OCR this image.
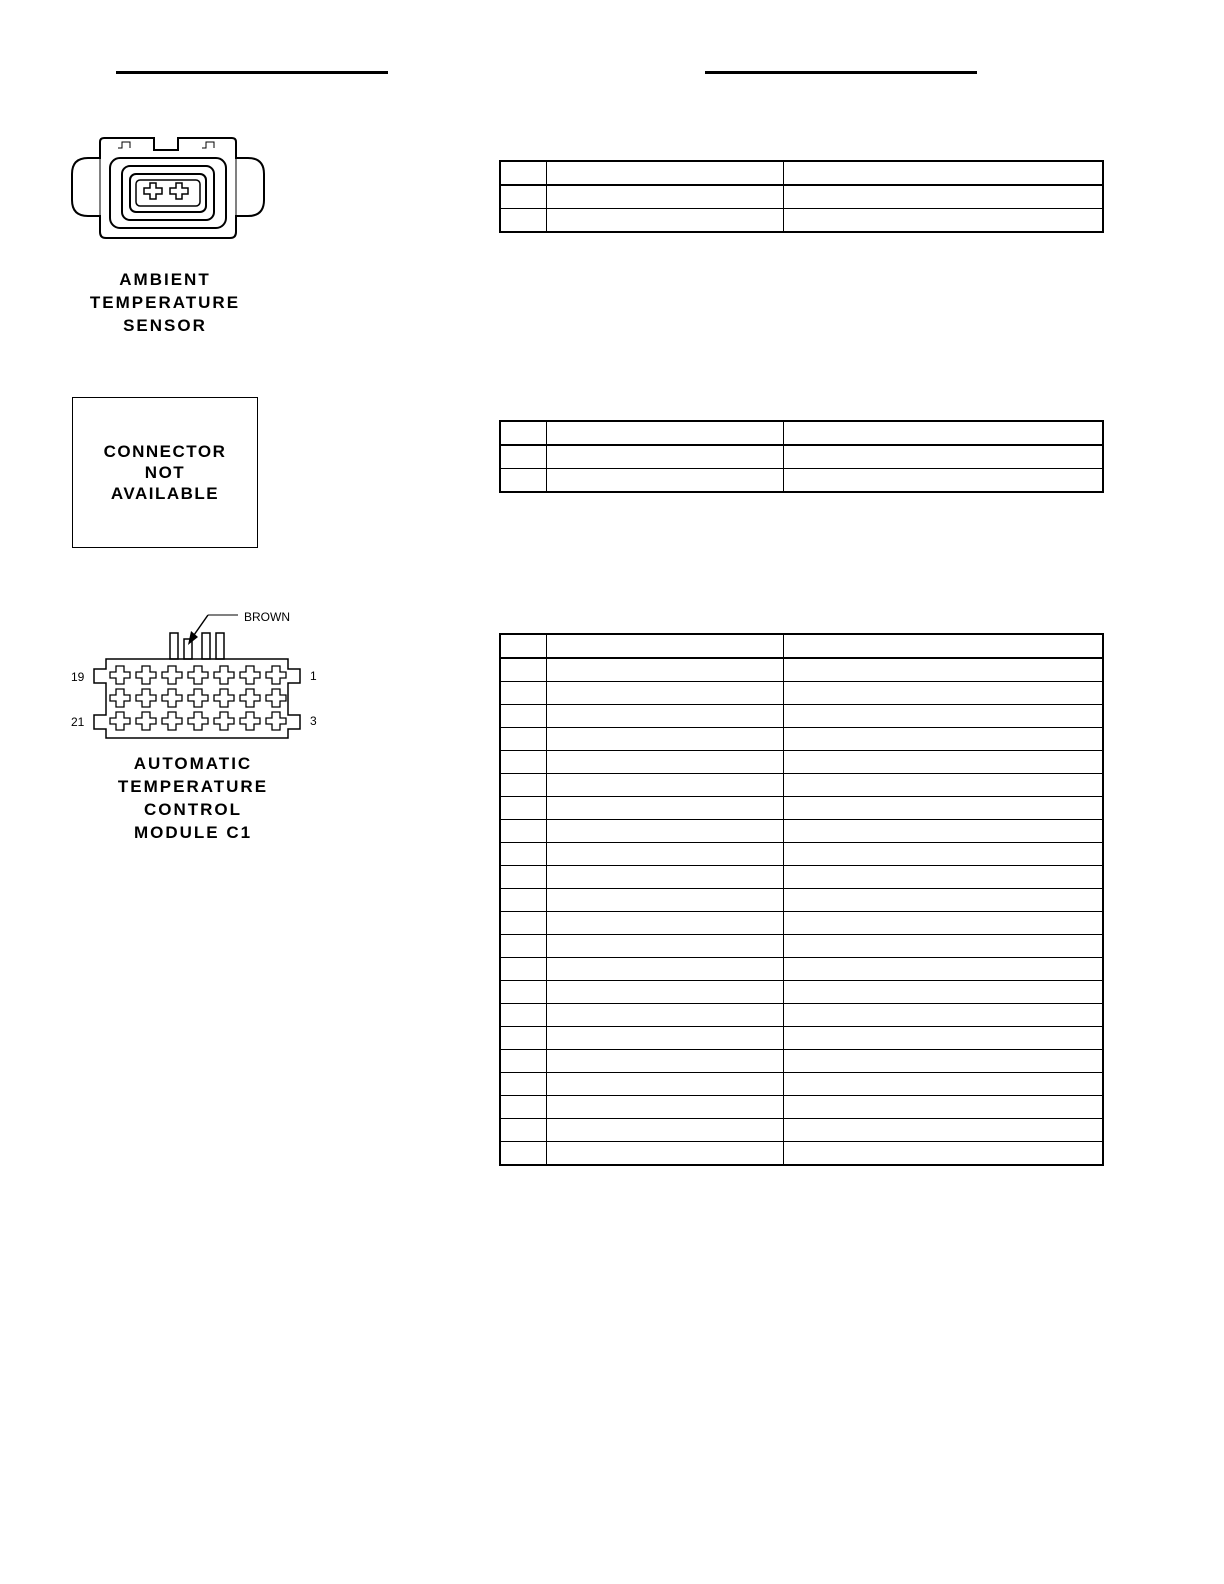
AMBIENT
TEMPERATURE
SENSOR
CONNECTOR
NOT
AVAILABLE
BROWN
19	1
21	3
AUTOMATIC
TEMPERATURE
CONTROL
MODULE C1
